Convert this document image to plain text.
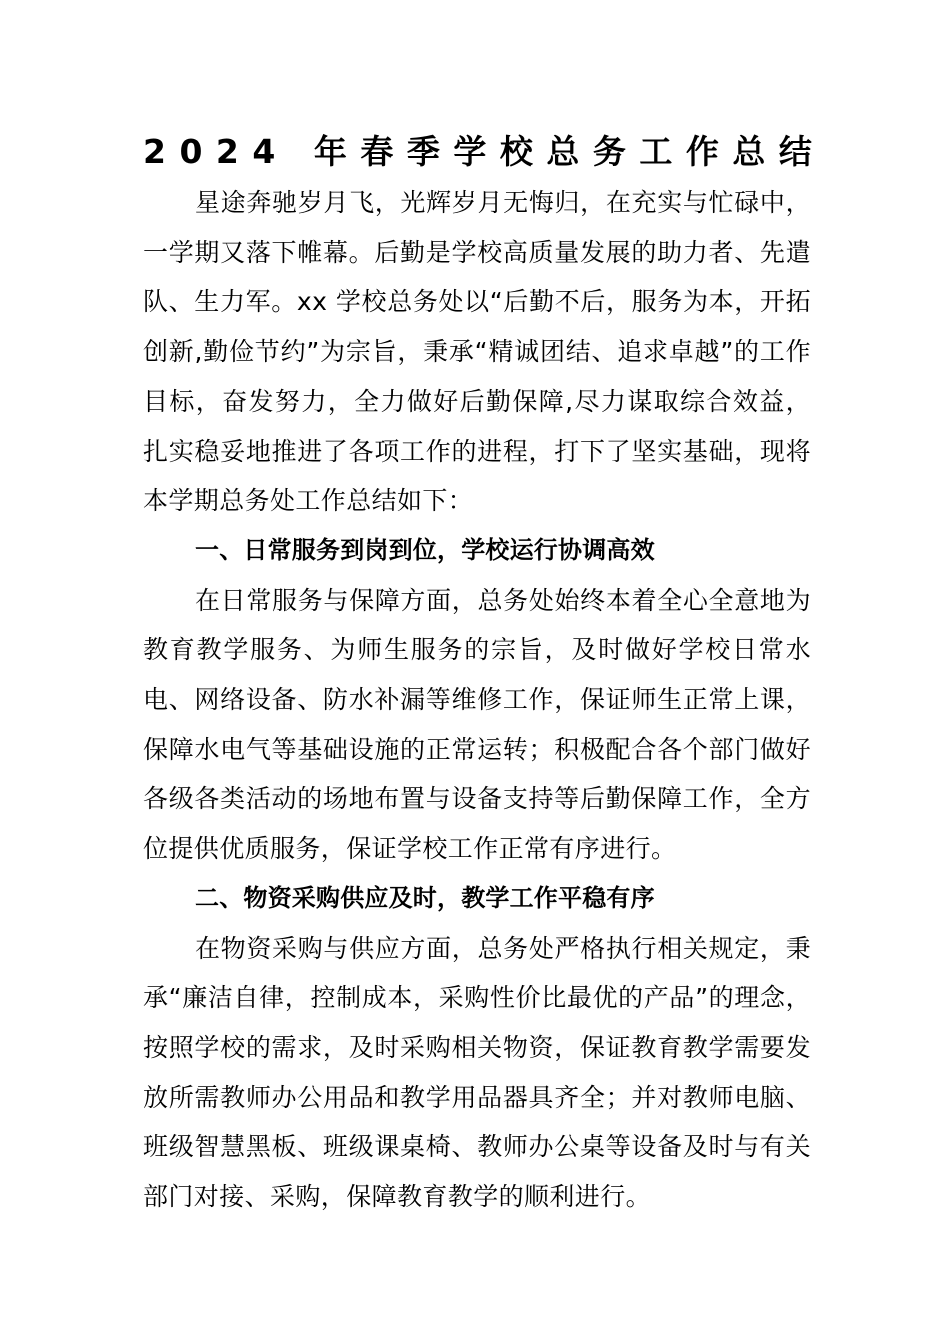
2024 年春季学校总务工作总结

星途奔驰岁月飞，光辉岁月无悔归，在充实与忙碌中，一学期又落下帷幕。后勤是学校高质量发展的助力者、先遣队、生力军。xx 学校总务处以“后勤不后，服务为本，开拓创新,勤俭节约”为宗旨，秉承“精诚团结、追求卓越”的工作目标，奋发努力，全力做好后勤保障,尽力谋取综合效益，扎实稳妥地推进了各项工作的进程，打下了坚实基础，现将本学期总务处工作总结如下：

一、日常服务到岗到位，学校运行协调高效

在日常服务与保障方面，总务处始终本着全心全意地为教育教学服务、为师生服务的宗旨，及时做好学校日常水电、网络设备、防水补漏等维修工作，保证师生正常上课，保障水电气等基础设施的正常运转；积极配合各个部门做好各级各类活动的场地布置与设备支持等后勤保障工作，全方位提供优质服务，保证学校工作正常有序进行。

二、物资采购供应及时，教学工作平稳有序

在物资采购与供应方面，总务处严格执行相关规定，秉承“廉洁自律，控制成本，采购性价比最优的产品”的理念，按照学校的需求，及时采购相关物资，保证教育教学需要发放所需教师办公用品和教学用品器具齐全；并对教师电脑、班级智慧黑板、班级课桌椅、教师办公桌等设备及时与有关部门对接、采购，保障教育教学的顺利进行。
